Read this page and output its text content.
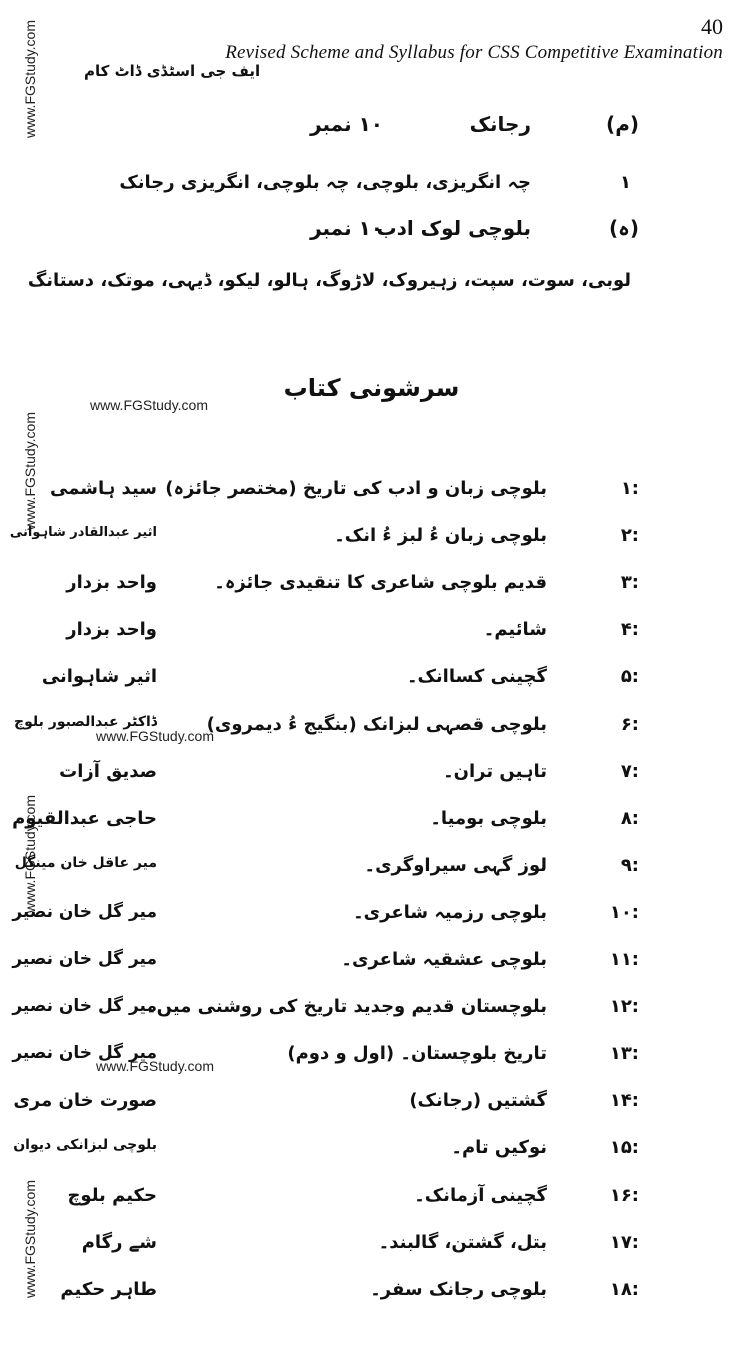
40
Revised Scheme and Syllabus for CSS Competitive Examination
ایف جی اسٹڈی ڈاٹ کام
www.FGStudy.com
www.FGStudy.com
www.FGStudy.com
www.FGStudy.com
www.FGStudy.com
www.FGStudy.com
www.FGStudy.com
(م)
رجانک
۱۰ نمبر
۱
چہ انگریزی، بلوچی، چہ بلوچی، انگریزی رجانک
(ہ)
بلوچی لوک ادب
۱۰ نمبر
لوبی، سوت، سپت، زہیروک، لاڑوگ، ہالو، لیکو، ڈیہی، موتک، دستانگ
سرشونی کتاب
۱:
بلوچی زبان و ادب کی تاریخ (مختصر جائزہ)
سید ہاشمی
۲:
بلوچی زبان ءُ لبز ءُ انک۔
اثیر عبدالقادر شاہوانی
۳:
قدیم بلوچی شاعری کا تنقیدی جائزہ۔
واحد بزدار
۴:
شائیم۔
واحد بزدار
۵:
گچینی کساانک۔
اثیر شاہوانی
۶:
بلوچی قصہی لبزانک (بنگیج ءُ دیمروی)
ڈاکٹر عبدالصبور بلوچ
۷:
تاہیں تران۔
صدیق آزات
۸:
بلوچی بومیا۔
حاجی عبدالقیوم
۹:
لوز گہی سیراوگری۔
میر عاقل خان مینگل
۱۰:
بلوچی رزمیہ شاعری۔
میر گل خان نصیر
۱۱:
بلوچی عشقیہ شاعری۔
میر گل خان نصیر
۱۲:
بلوچستان قدیم وجدید تاریخ کی روشنی میں۔
میر گل خان نصیر
۱۳:
تاریخ بلوچستان۔ (اول و دوم)
میر گل خان نصیر
۱۴:
گشتیں (رجانک)
صورت خان مری
۱۵:
نوکیں تام۔
بلوچی لبزانکی دیوان
۱۶:
گچینی آزمانک۔
حکیم بلوچ
۱۷:
بتل، گشتن، گالبند۔
شے رگام
۱۸:
بلوچی رجانک سفر۔
طاہر حکیم
